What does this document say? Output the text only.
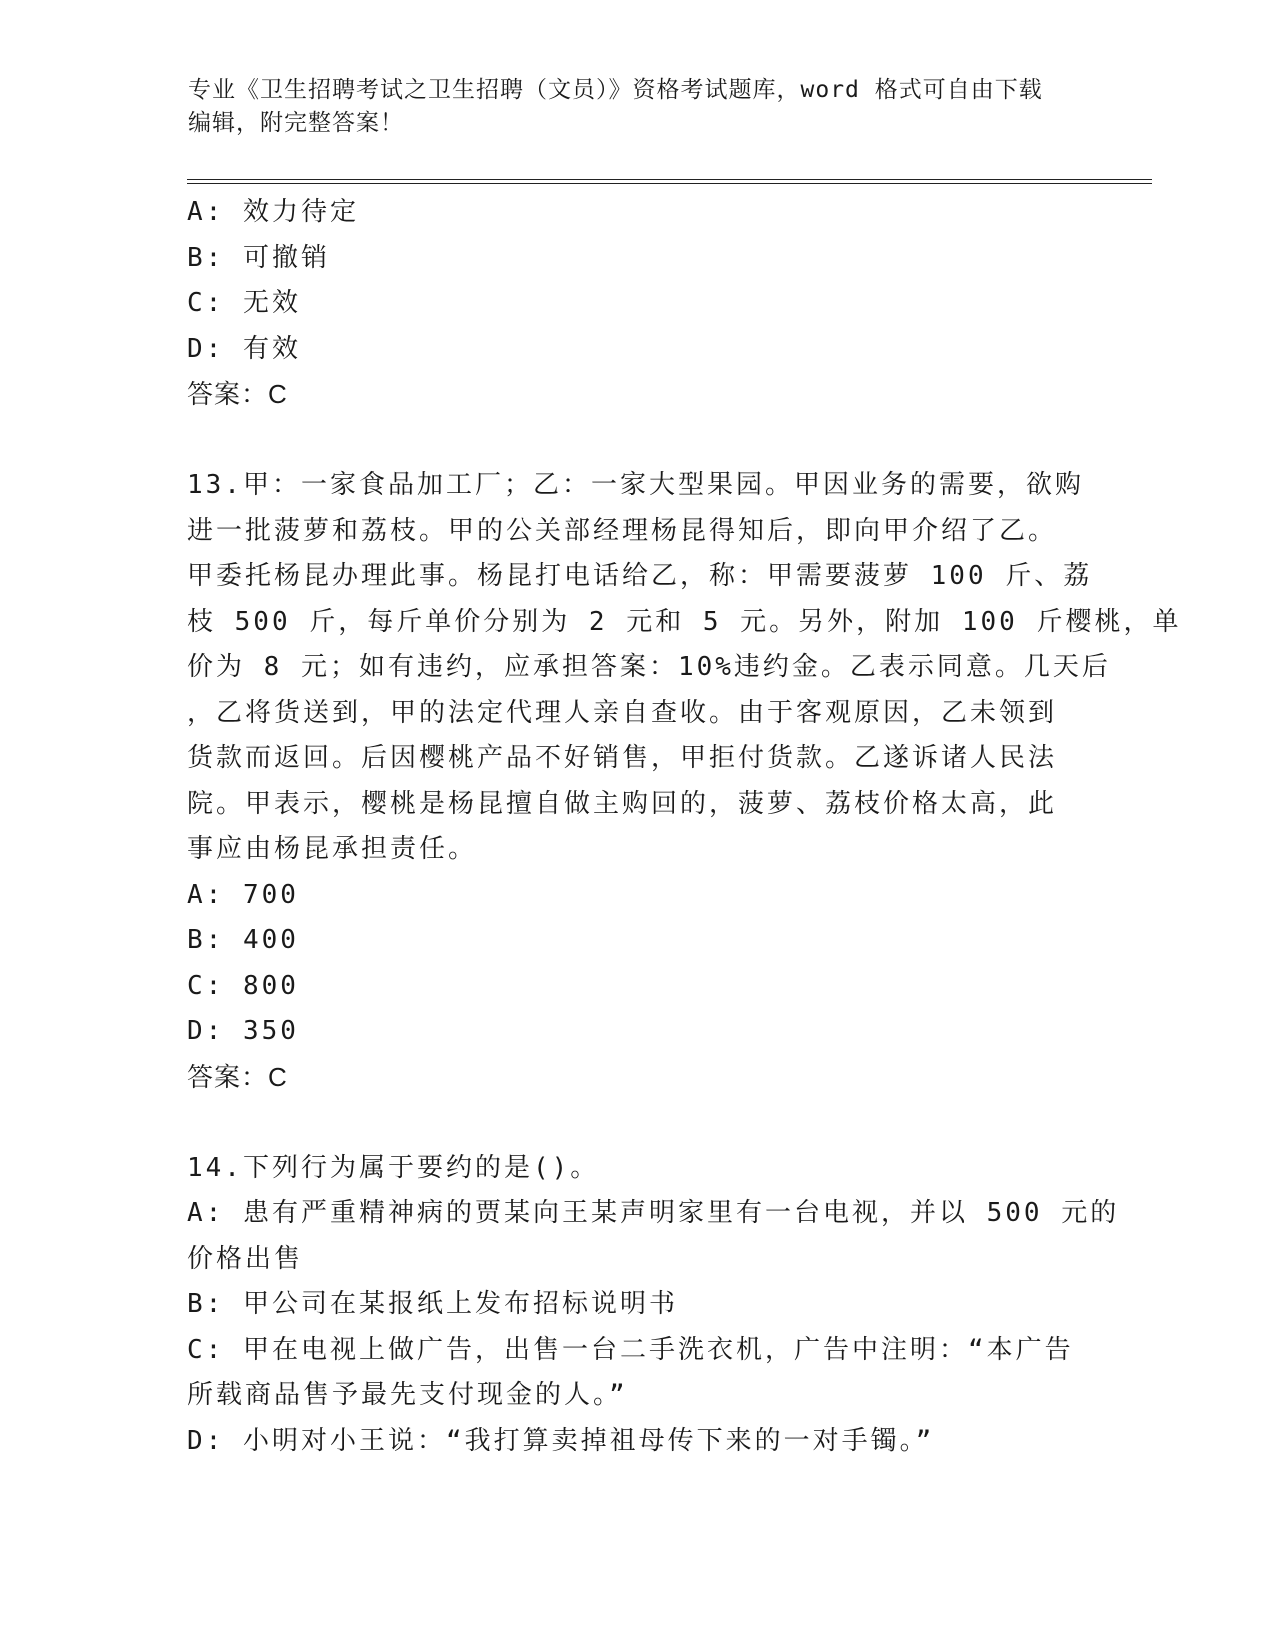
专业《卫生招聘考试之卫生招聘（文员）》资格考试题库，word 格式可自由下载
编辑，附完整答案！
A: 效力待定
B: 可撤销
C: 无效
D: 有效
答案：C
13.甲：一家食品加工厂；乙：一家大型果园。甲因业务的需要，欲购
进一批菠萝和荔枝。甲的公关部经理杨昆得知后，即向甲介绍了乙。
甲委托杨昆办理此事。杨昆打电话给乙，称：甲需要菠萝 100 斤、荔
枝 500 斤，每斤单价分别为 2 元和 5 元。另外，附加 100 斤樱桃，单
价为 8 元；如有违约，应承担答案：10%违约金。乙表示同意。几天后
，乙将货送到，甲的法定代理人亲自查收。由于客观原因，乙未领到
货款而返回。后因樱桃产品不好销售，甲拒付货款。乙遂诉诸人民法
院。甲表示，樱桃是杨昆擅自做主购回的，菠萝、荔枝价格太高，此
事应由杨昆承担责任。
A: 700
B: 400
C: 800
D: 350
答案：C
14.下列行为属于要约的是()。
A: 患有严重精神病的贾某向王某声明家里有一台电视，并以 500 元的
价格出售
B: 甲公司在某报纸上发布招标说明书
C: 甲在电视上做广告，出售一台二手洗衣机，广告中注明：“本广告
所载商品售予最先支付现金的人。”
D: 小明对小王说：“我打算卖掉祖母传下来的一对手镯。”
